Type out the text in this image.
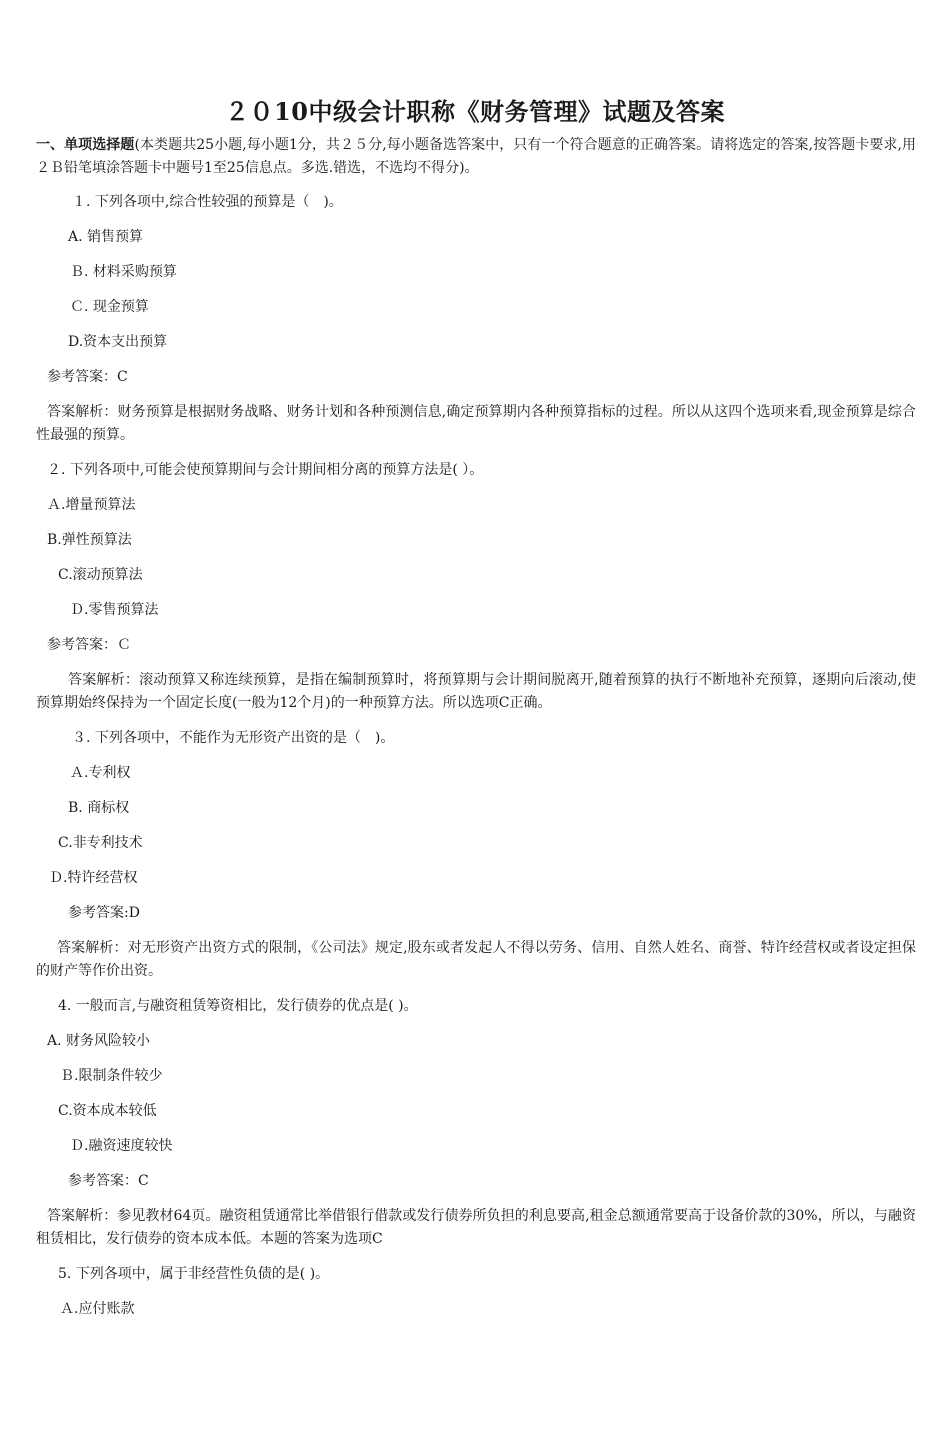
２０10中级会计职称《财务管理》试题及答案

一、单项选择题(本类题共25小题,每小题1分，共２５分,每小题备选答案中，只有一个符合题意的正确答案。请将选定的答案,按答题卡要求,用２Ｂ铅笔填涂答题卡中题号1至25信息点。多选.错选，不选均不得分)。

１. 下列各项中,综合性较强的预算是（　)。

A. 销售预算

Ｂ. 材料采购预算

Ｃ. 现金预算

D.资本支出预算

参考答案：C

答案解析：财务预算是根据财务战略、财务计划和各种预测信息,确定预算期内各种预算指标的过程。所以从这四个选项来看,现金预算是综合性最强的预算。

２. 下列各项中,可能会使预算期间与会计期间相分离的预算方法是( ）。

Ａ.增量预算法

B.弹性预算法

C.滚动预算法

Ｄ.零售预算法

参考答案：Ｃ

答案解析：滚动预算又称连续预算，是指在编制预算时，将预算期与会计期间脱离开,随着预算的执行不断地补充预算，逐期向后滚动,使预算期始终保持为一个固定长度(一般为12个月)的一种预算方法。所以选项C正确。

３. 下列各项中，不能作为无形资产出资的是（　)。

Ａ.专利权

B. 商标权

C.非专利技术

Ｄ.特许经营权

参考答案:D

答案解析：对无形资产出资方式的限制，《公司法》规定,股东或者发起人不得以劳务、信用、自然人姓名、商誉、特许经营权或者设定担保的财产等作价出资。

4. 一般而言,与融资租赁筹资相比，发行债券的优点是( )。

A. 财务风险较小

Ｂ.限制条件较少

C.资本成本较低

Ｄ.融资速度较快

参考答案：C

答案解析：参见教材64页。融资租赁通常比举借银行借款或发行债券所负担的利息要高,租金总额通常要高于设备价款的30%，所以，与融资租赁相比，发行债券的资本成本低。本题的答案为选项C

5. 下列各项中，属于非经营性负债的是( )。

Ａ.应付账款
